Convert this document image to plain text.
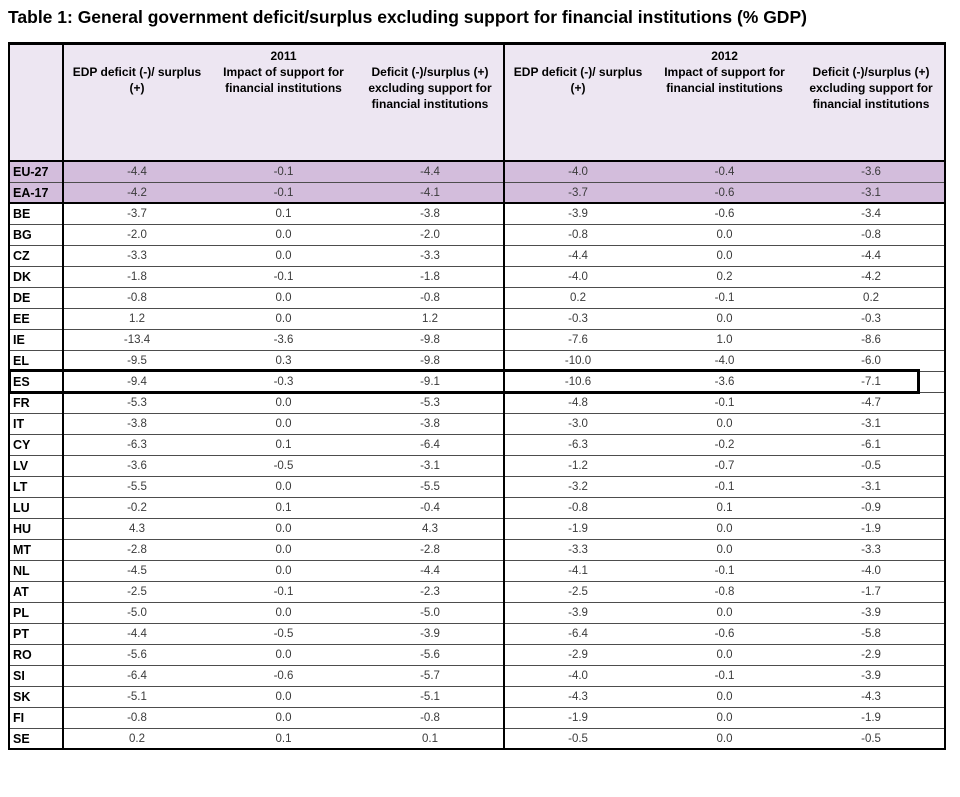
Table 1: General government deficit/surplus excluding support for financial institutions (% GDP)
	2011			2012		
	EDP deficit (-)/ surplus (+)	Impact of support for financial institutions	Deficit (-)/surplus (+) excluding support for financial institutions	EDP deficit (-)/ surplus (+)	Impact of support for financial institutions	Deficit (-)/surplus (+) excluding support for financial institutions
EU-27	-4.4	-0.1	-4.4	-4.0	-0.4	-3.6
EA-17	-4.2	-0.1	-4.1	-3.7	-0.6	-3.1
BE	-3.7	0.1	-3.8	-3.9	-0.6	-3.4
BG	-2.0	0.0	-2.0	-0.8	0.0	-0.8
CZ	-3.3	0.0	-3.3	-4.4	0.0	-4.4
DK	-1.8	-0.1	-1.8	-4.0	0.2	-4.2
DE	-0.8	0.0	-0.8	0.2	-0.1	0.2
EE	1.2	0.0	1.2	-0.3	0.0	-0.3
IE	-13.4	-3.6	-9.8	-7.6	1.0	-8.6
EL	-9.5	0.3	-9.8	-10.0	-4.0	-6.0
ES	-9.4	-0.3	-9.1	-10.6	-3.6	-7.1
FR	-5.3	0.0	-5.3	-4.8	-0.1	-4.7
IT	-3.8	0.0	-3.8	-3.0	0.0	-3.1
CY	-6.3	0.1	-6.4	-6.3	-0.2	-6.1
LV	-3.6	-0.5	-3.1	-1.2	-0.7	-0.5
LT	-5.5	0.0	-5.5	-3.2	-0.1	-3.1
LU	-0.2	0.1	-0.4	-0.8	0.1	-0.9
HU	4.3	0.0	4.3	-1.9	0.0	-1.9
MT	-2.8	0.0	-2.8	-3.3	0.0	-3.3
NL	-4.5	0.0	-4.4	-4.1	-0.1	-4.0
AT	-2.5	-0.1	-2.3	-2.5	-0.8	-1.7
PL	-5.0	0.0	-5.0	-3.9	0.0	-3.9
PT	-4.4	-0.5	-3.9	-6.4	-0.6	-5.8
RO	-5.6	0.0	-5.6	-2.9	0.0	-2.9
SI	-6.4	-0.6	-5.7	-4.0	-0.1	-3.9
SK	-5.1	0.0	-5.1	-4.3	0.0	-4.3
FI	-0.8	0.0	-0.8	-1.9	0.0	-1.9
SE	0.2	0.1	0.1	-0.5	0.0	-0.5
